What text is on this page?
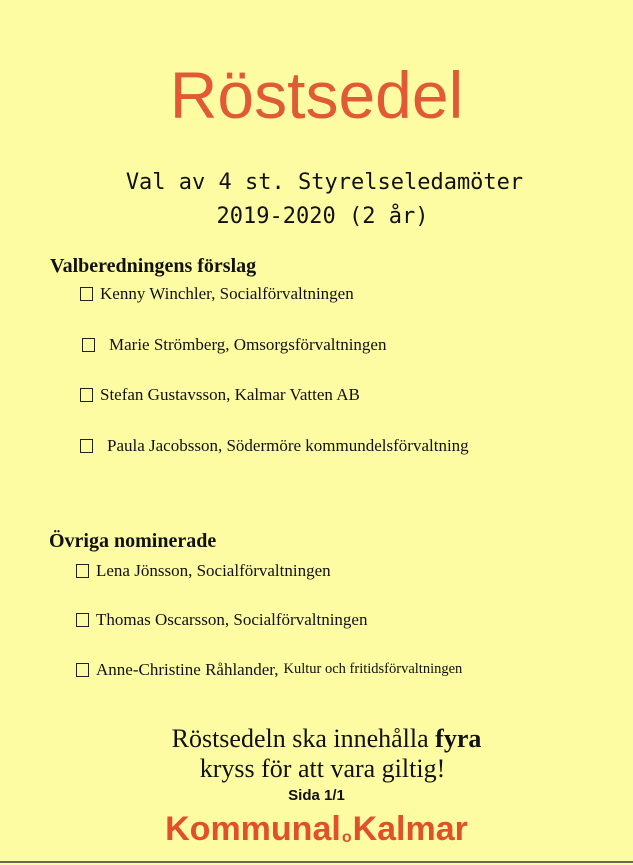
Röstsedel
Val av 4 st. Styrelseledamöter
2019-2020 (2 år)
Valberedningens förslag
Kenny Winchler, Socialförvaltningen
Marie Strömberg, Omsorgsförvaltningen
Stefan Gustavsson, Kalmar Vatten AB
Paula Jacobsson, Södermöre kommundelsförvaltning
Övriga nominerade
Lena Jönsson, Socialförvaltningen
Thomas Oscarsson, Socialförvaltningen
Anne-Christine Råhlander, Kultur och fritidsförvaltningen
Röstsedeln ska innehålla fyra
kryss för att vara giltig!
Sida 1/1
KommunaloKalmar
